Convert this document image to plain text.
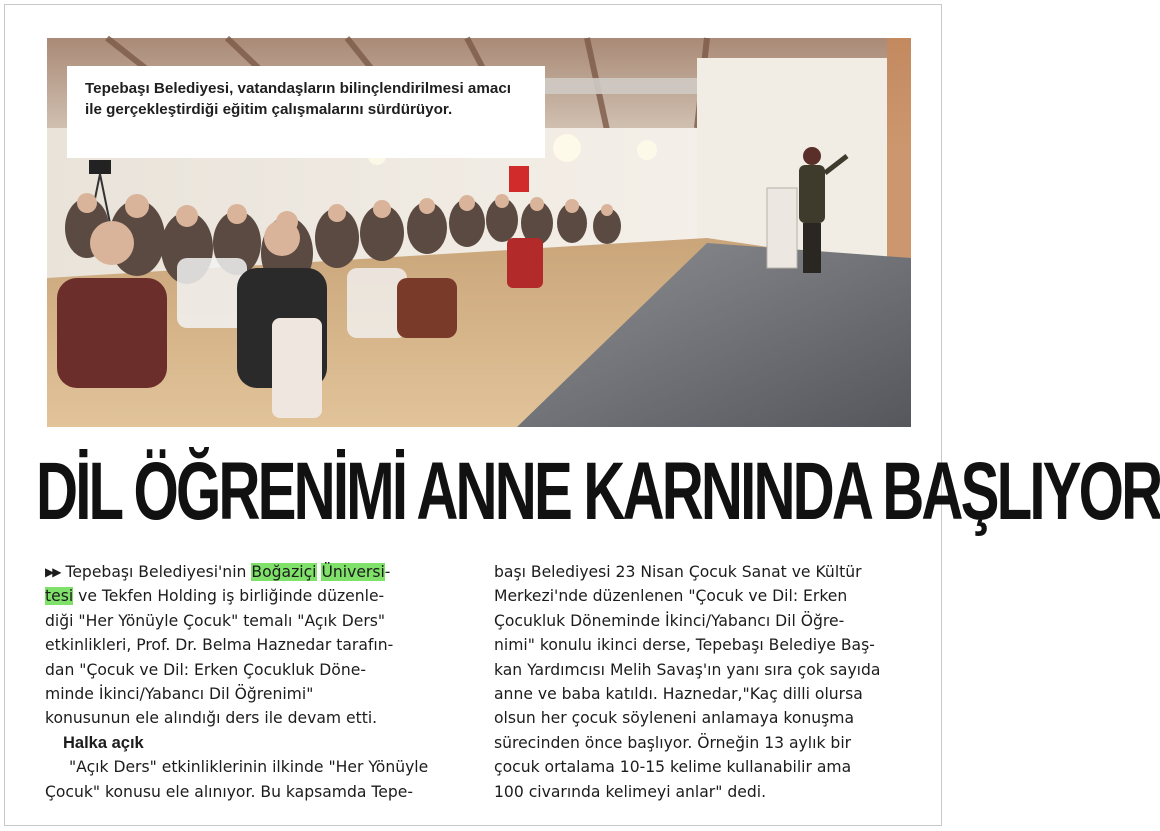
Tepebaşı Belediyesi, vatandaşların bilinçlendirilmesi amacı
ile gerçekleştirdiği eğitim çalışmalarını sürdürüyor.
DİL ÖĞRENİMİ ANNE KARNINDA BAŞLIYOR
▶▶ Tepebaşı Belediyesi'nin Boğaziçi Üniversi-
tesi ve Tekfen Holding iş birliğinde düzenle-
diği "Her Yönüyle Çocuk" temalı "Açık Ders"
etkinlikleri, Prof. Dr. Belma Haznedar tarafın-
dan "Çocuk ve Dil: Erken Çocukluk Döne-
minde İkinci/Yabancı Dil Öğrenimi"
konusunun ele alındığı ders ile devam etti.
Halka açık
"Açık Ders" etkinliklerinin ilkinde "Her Yönüyle
Çocuk" konusu ele alınıyor. Bu kapsamda Tepe-
başı Belediyesi 23 Nisan Çocuk Sanat ve Kültür
Merkezi'nde düzenlenen "Çocuk ve Dil: Erken
Çocukluk Döneminde İkinci/Yabancı Dil Öğre-
nimi" konulu ikinci derse, Tepebaşı Belediye Baş-
kan Yardımcısı Melih Savaş'ın yanı sıra çok sayıda
anne ve baba katıldı. Haznedar,"Kaç dilli olursa
olsun her çocuk söyleneni anlamaya konuşma
sürecinden önce başlıyor. Örneğin 13 aylık bir
çocuk ortalama 10-15 kelime kullanabilir ama
100 civarında kelimeyi anlar" dedi.
